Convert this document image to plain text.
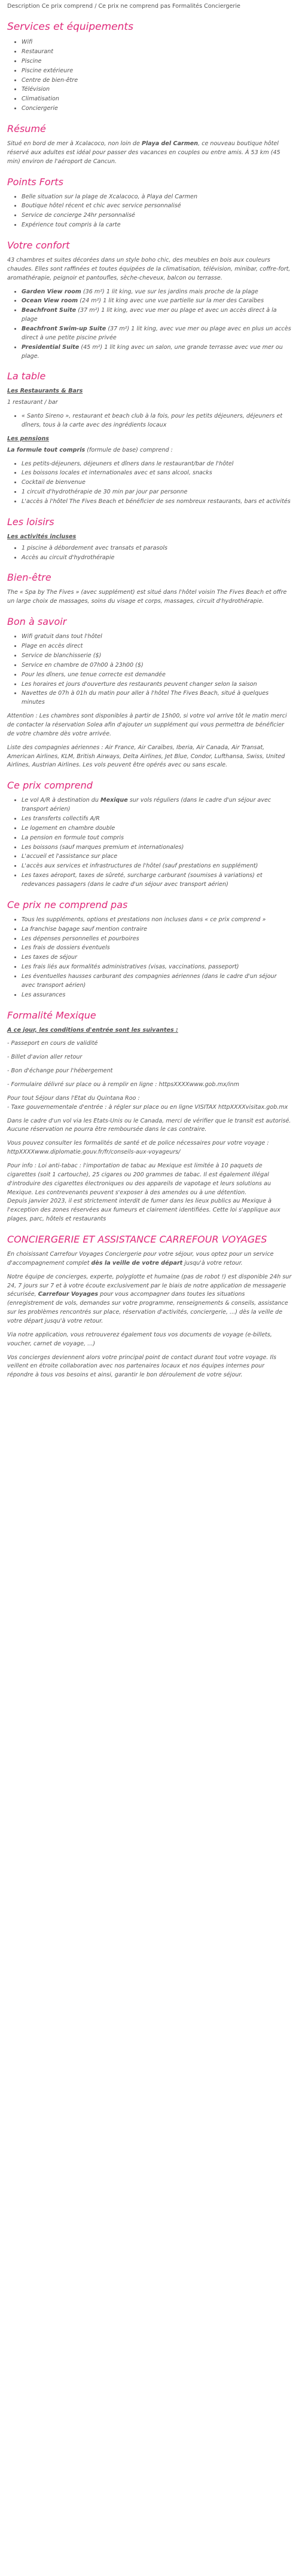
Description Ce prix comprend / Ce prix ne comprend pas Formalités Conciergerie

Services et équipements
• Wifi
• Restaurant
• Piscine
• Piscine extérieure
• Centre de bien-être
• Télévision
• Climatisation
• Conciergerie
Résumé

Situé en bord de mer à Xcalacoco, non loin de Playa del Carmen, ce nouveau boutique hôtel réservé aux adultes est idéal pour passer des vacances en couples ou entre amis. À 53 km (45 min) environ de l'aéroport de Cancun.

Points Forts
• Belle situation sur la plage de Xcalacoco, à Playa del Carmen
• Boutique hôtel récent et chic avec service personnalisé
• Service de concierge 24hr personnalisé
• Expérience tout compris à la carte
Votre confort

43 chambres et suites décorées dans un style boho chic, des meubles en bois aux couleurs chaudes. Elles sont raffinées et toutes équipées de la climatisation, télévision, minibar, coffre-fort, aromathérapie, peignoir et pantoufles, sèche-cheveux, balcon ou terrasse.

• Garden View room (36 m²) 1 lit king, vue sur les jardins mais proche de la plage
• Ocean View room (24 m²) 1 lit king avec une vue partielle sur la mer des Caraïbes
• Beachfront Suite (37 m²) 1 lit king, avec vue mer ou plage et avec un accès direct à la plage
• Beachfront Swim-up Suite (37 m²) 1 lit king, avec vue mer ou plage avec en plus un accès direct à une petite piscine privée
• Presidential Suite (45 m²) 1 lit king avec un salon, une grande terrasse avec vue mer ou plage.
La table
Les Restaurants & Bars

1 restaurant / bar

• « Santo Sireno », restaurant et beach club à la fois, pour les petits déjeuners, déjeuners et dîners, tous à la carte avec des ingrédients locaux
Les pensions

La formule tout compris (formule de base) comprend :

• Les petits-déjeuners, déjeuners et dîners dans le restaurant/bar de l'hôtel
• Les boissons locales et internationales avec et sans alcool, snacks
• Cocktail de bienvenue
• 1 circuit d'hydrothérapie de 30 min par jour par personne
• L'accès à l'hôtel The Fives Beach et bénéficier de ses nombreux restaurants, bars et activités
Les loisirs
Les activités incluses
• 1 piscine à débordement avec transats et parasols
• Accès au circuit d'hydrothérapie
Bien-être

The « Spa by The Fives » (avec supplément) est situé dans l'hôtel voisin The Fives Beach et offre un large choix de massages, soins du visage et corps, massages, circuit d'hydrothérapie.

Bon à savoir
• Wifi gratuit dans tout l'hôtel
• Plage en accès direct
• Service de blanchisserie ($)
• Service en chambre de 07h00 à 23h00 ($)
• Pour les dîners, une tenue correcte est demandée
• Les horaires et jours d'ouverture des restaurants peuvent changer selon la saison
• Navettes de 07h à 01h du matin pour aller à l'hôtel The Fives Beach, situé à quelques minutes

Attention : Les chambres sont disponibles à partir de 15h00, si votre vol arrive tôt le matin merci de contacter la réservation Solea afin d'ajouter un supplément qui vous permettra de bénéficier de votre chambre dès votre arrivée.

Liste des compagnies aériennes : Air France, Air Caraïbes, Iberia, Air Canada, Air Transat, American Airlines, KLM, British Airways, Delta Airlines, Jet Blue, Condor, Lufthansa, Swiss, United Airlines, Austrian Airlines. Les vols peuvent être opérés avec ou sans escale.

Ce prix comprend
• Le vol A/R à destination du Mexique sur vols réguliers (dans le cadre d'un séjour avec transport aérien)
• Les transferts collectifs A/R
• Le logement en chambre double
• La pension en formule tout compris
• Les boissons (sauf marques premium et internationales)
• L'accueil et l'assistance sur place
• L'accès aux services et infrastructures de l'hôtel (sauf prestations en supplément)
• Les taxes aéroport, taxes de sûreté, surcharge carburant (soumises à variations) et redevances passagers (dans le cadre d'un séjour avec transport aérien)
Ce prix ne comprend pas
• Tous les suppléments, options et prestations non incluses dans « ce prix comprend »
• La franchise bagage sauf mention contraire
• Les dépenses personnelles et pourboires
• Les frais de dossiers éventuels
• Les taxes de séjour
• Les frais liés aux formalités administratives (visas, vaccinations, passeport)
• Les éventuelles hausses carburant des compagnies aériennes (dans le cadre d'un séjour avec transport aérien)
• Les assurances
Formalité Mexique

A ce jour, les conditions d'entrée sont les suivantes :

- Passeport en cours de validité

- Billet d'avion aller retour

- Bon d'échange pour l'hébergement

- Formulaire délivré sur place ou à remplir en ligne : httpsXXXXwww.gob.mx/inm

Pour tout Séjour dans l'Etat du Quintana Roo :
- Taxe gouvernementale d'entrée : à régler sur place ou en ligne VISITAX httpXXXXvisitax.gob.mx

Dans le cadre d'un vol via les Etats-Unis ou le Canada, merci de vérifier que le transit est autorisé. Aucune réservation ne pourra être remboursée dans le cas contraire.

Vous pouvez consulter les formalités de santé et de police nécessaires pour votre voyage :
httpXXXXwww.diplomatie.gouv.fr/fr/conseils-aux-voyageurs/

Pour info : Loi anti-tabac : l'importation de tabac au Mexique est limitée à 10 paquets de cigarettes (soit 1 cartouche), 25 cigares ou 200 grammes de tabac. Il est également illégal d'introduire des cigarettes électroniques ou des appareils de vapotage et leurs solutions au Mexique. Les contrevenants peuvent s'exposer à des amendes ou à une détention.
Depuis janvier 2023, il est strictement interdit de fumer dans les lieux publics au Mexique à l'exception des zones réservées aux fumeurs et clairement identifiées. Cette loi s'applique aux plages, parc, hôtels et restaurants

CONCIERGERIE ET ASSISTANCE CARREFOUR VOYAGES

En choisissant Carrefour Voyages Conciergerie pour votre séjour, vous optez pour un service d'accompagnement complet dès la veille de votre départ jusqu'à votre retour.

Notre équipe de concierges, experte, polyglotte et humaine (pas de robot !) est disponible 24h sur 24, 7 jours sur 7 et à votre écoute exclusivement par le biais de notre application de messagerie sécurisée, Carrefour Voyages pour vous accompagner dans toutes les situations (enregistrement de vols, demandes sur votre programme, renseignements & conseils, assistance sur les problèmes rencontrés sur place, réservation d'activités, conciergerie, ...) dès la veille de votre départ jusqu'à votre retour.

Via notre application, vous retrouverez également tous vos documents de voyage (e-billets, voucher, carnet de voyage, ...)

Vos concierges deviennent alors votre principal point de contact durant tout votre voyage. Ils veillent en étroite collaboration avec nos partenaires locaux et nos équipes internes pour répondre à tous vos besoins et ainsi, garantir le bon déroulement de votre séjour.
